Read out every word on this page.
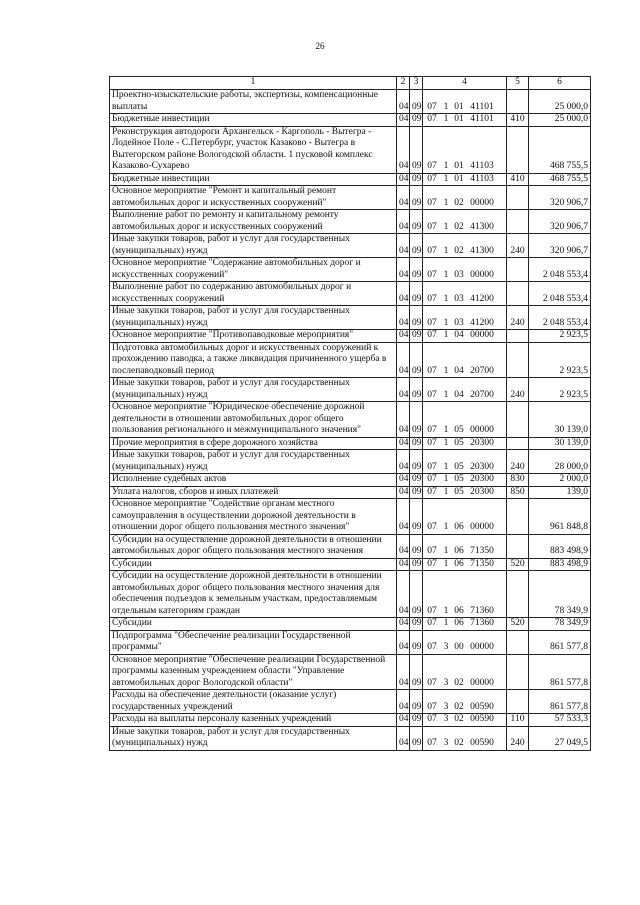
26
1	2	3	4	5	6
Проектно-изыскательские работы, экспертизы, компенсационные выплаты	04	09	07 1 01 41101		25 000,0
Бюджетные инвестиции	04	09	07 1 01 41101	410	25 000,0
Реконструкция автодороги Архангельск - Каргополь - Вытегра - Лодейное Поле - С.Петербург, участок Казаково - Вытегра в Вытегорском районе Вологодской области. 1 пусковой комплекс Казаково-Сухарево	04	09	07 1 01 41103		468 755,5
Бюджетные инвестиции	04	09	07 1 01 41103	410	468 755,5
Основное мероприятие "Ремонт и капитальный ремонт автомобильных дорог и искусственных сооружений"	04	09	07 1 02 00000		320 906,7
Выполнение работ по ремонту и капитальному ремонту автомобильных дорог и искусственных сооружений	04	09	07 1 02 41300		320 906,7
Иные закупки товаров, работ и услуг для государственных (муниципальных) нужд	04	09	07 1 02 41300	240	320 906,7
Основное мероприятие "Содержание автомобильных дорог и искусственных сооружений"	04	09	07 1 03 00000		2 048 553,4
Выполнение работ по содержанию автомобильных дорог и искусственных сооружений	04	09	07 1 03 41200		2 048 553,4
Иные закупки товаров, работ и услуг для государственных (муниципальных) нужд	04	09	07 1 03 41200	240	2 048 553,4
Основное мероприятие "Противопаводковые мероприятия"	04	09	07 1 04 00000		2 923,5
Подготовка автомобильных дорог и искусственных сооружений к прохождению паводка, а также ликвидация причиненного ущерба в послепаводковый период	04	09	07 1 04 20700		2 923,5
Иные закупки товаров, работ и услуг для государственных (муниципальных) нужд	04	09	07 1 04 20700	240	2 923,5
Основное мероприятие "Юридическое обеспечение дорожной деятельности в отношении автомобильных дорог общего пользования регионального и межмуниципального значения"	04	09	07 1 05 00000		30 139,0
Прочие мероприятия в сфере дорожного хозяйства	04	09	07 1 05 20300		30 139,0
Иные закупки товаров, работ и услуг для государственных (муниципальных) нужд	04	09	07 1 05 20300	240	28 000,0
Исполнение судебных актов	04	09	07 1 05 20300	830	2 000,0
Уплата налогов, сборов и иных платежей	04	09	07 1 05 20300	850	139,0
Основное мероприятие "Содействие органам местного самоуправления в осуществлении дорожной деятельности в отношении дорог общего пользования местного значения"	04	09	07 1 06 00000		961 848,8
Субсидии на осуществление дорожной деятельности в отношении автомобильных дорог общего пользования местного значения	04	09	07 1 06 71350		883 498,9
Субсидии	04	09	07 1 06 71350	520	883 498,9
Субсидии на осуществление дорожной деятельности в отношении автомобильных дорог общего пользования местного значения для обеспечения подъездов к земельным участкам, предоставляемым отдельным категориям граждан	04	09	07 1 06 71360		78 349,9
Субсидии	04	09	07 1 06 71360	520	78 349,9
Подпрограмма "Обеспечение реализации Государственной программы"	04	09	07 3 00 00000		861 577,8
Основное мероприятие "Обеспечение реализации Государственной программы казенным учреждением области "Управление автомобильных дорог Вологодской области"	04	09	07 3 02 00000		861 577,8
Расходы на обеспечение деятельности (оказание услуг) государственных учреждений	04	09	07 3 02 00590		861 577,8
Расходы на выплаты персоналу казенных учреждений	04	09	07 3 02 00590	110	57 533,3
Иные закупки товаров, работ и услуг для государственных (муниципальных) нужд	04	09	07 3 02 00590	240	27 049,5
